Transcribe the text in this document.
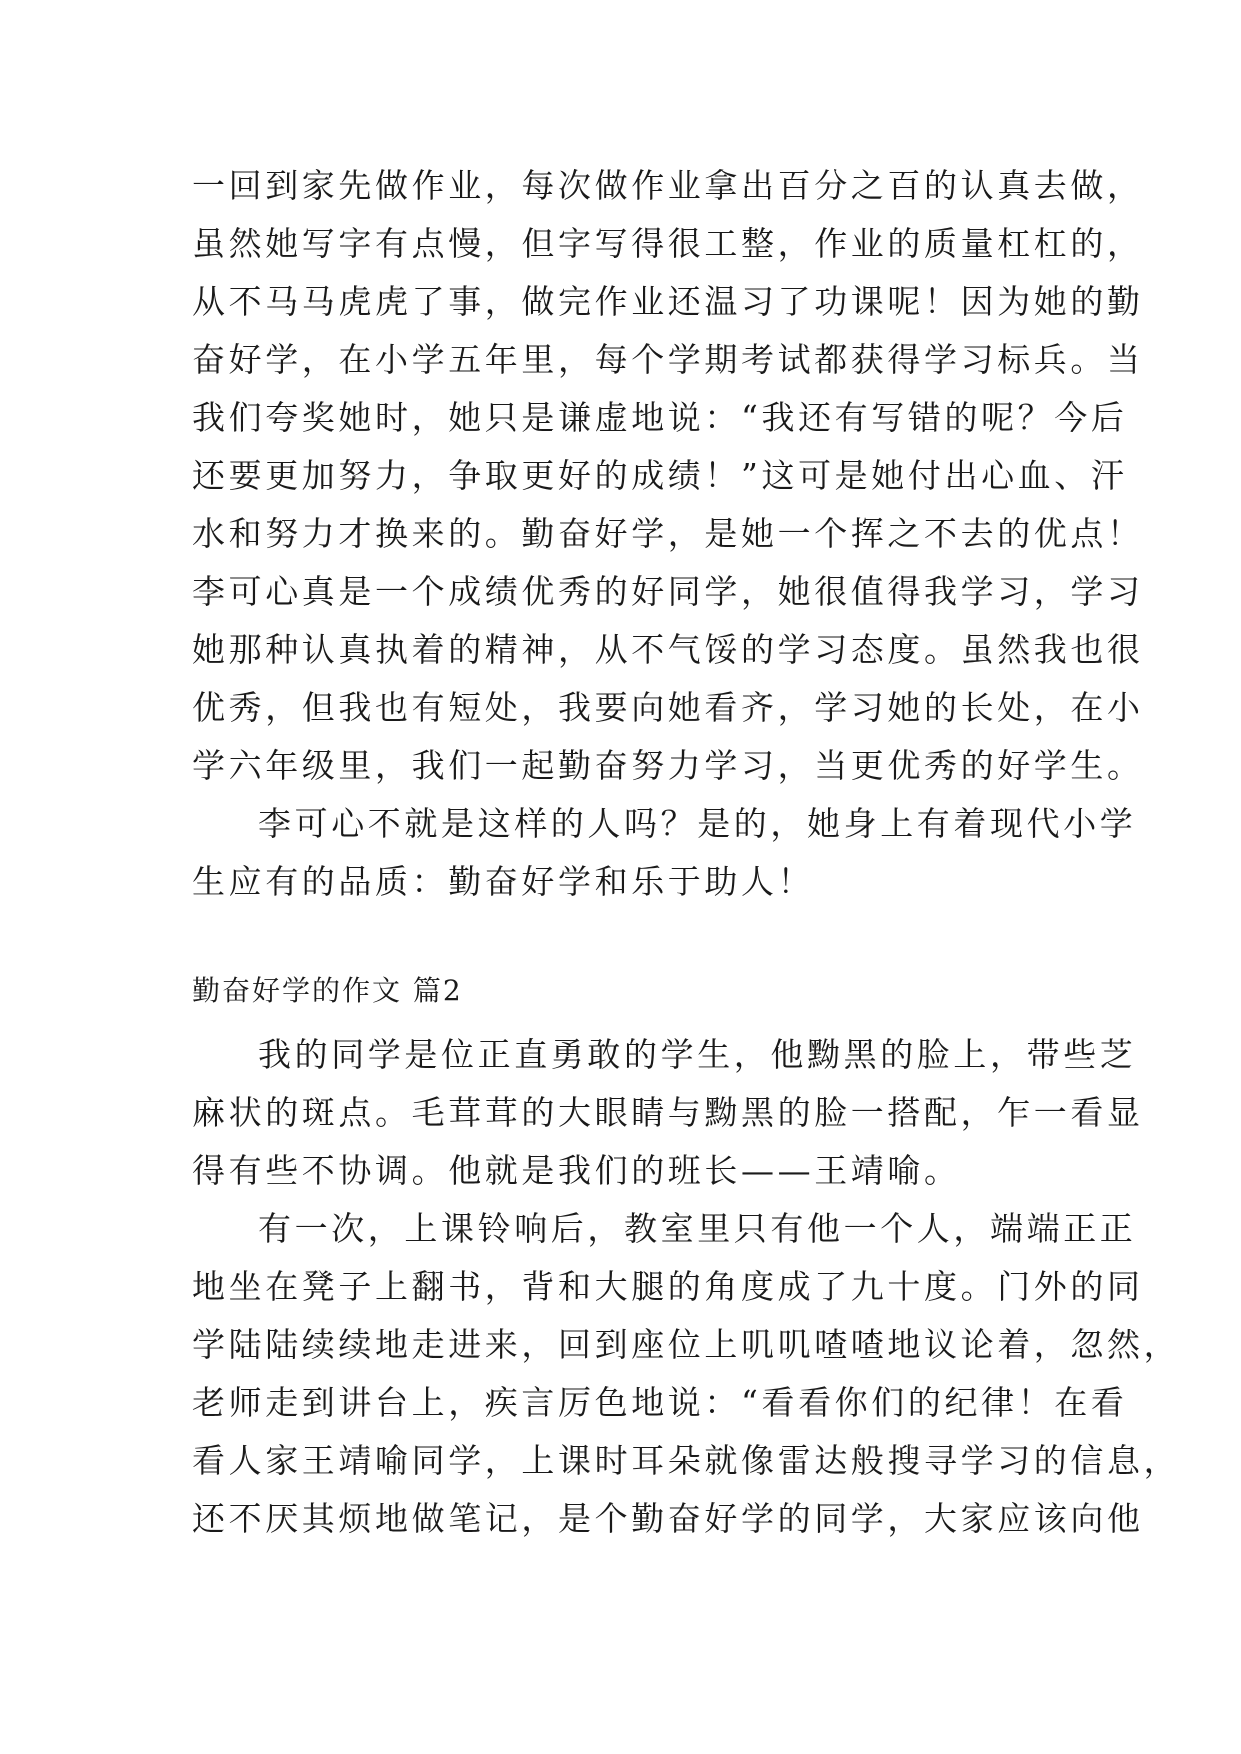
一回到家先做作业，每次做作业拿出百分之百的认真去做，
虽然她写字有点慢，但字写得很工整，作业的质量杠杠的，
从不马马虎虎了事，做完作业还温习了功课呢！因为她的勤
奋好学，在小学五年里，每个学期考试都获得学习标兵。当
我们夸奖她时，她只是谦虚地说：“我还有写错的呢？今后
还要更加努力，争取更好的成绩！”这可是她付出心血、汗
水和努力才换来的。勤奋好学，是她一个挥之不去的优点！
李可心真是一个成绩优秀的好同学，她很值得我学习，学习
她那种认真执着的精神，从不气馁的学习态度。虽然我也很
优秀，但我也有短处，我要向她看齐，学习她的长处，在小
学六年级里，我们一起勤奋努力学习，当更优秀的好学生。
李可心不就是这样的人吗？是的，她身上有着现代小学
生应有的品质：勤奋好学和乐于助人！
勤奋好学的作文 篇2
我的同学是位正直勇敢的学生，他黝黑的脸上，带些芝
麻状的斑点。毛茸茸的大眼睛与黝黑的脸一搭配，乍一看显
得有些不协调。他就是我们的班长——王靖喻。
有一次，上课铃响后，教室里只有他一个人，端端正正
地坐在凳子上翻书，背和大腿的角度成了九十度。门外的同
学陆陆续续地走进来，回到座位上叽叽喳喳地议论着，忽然，
老师走到讲台上，疾言厉色地说：“看看你们的纪律！在看
看人家王靖喻同学，上课时耳朵就像雷达般搜寻学习的信息，
还不厌其烦地做笔记，是个勤奋好学的同学，大家应该向他
